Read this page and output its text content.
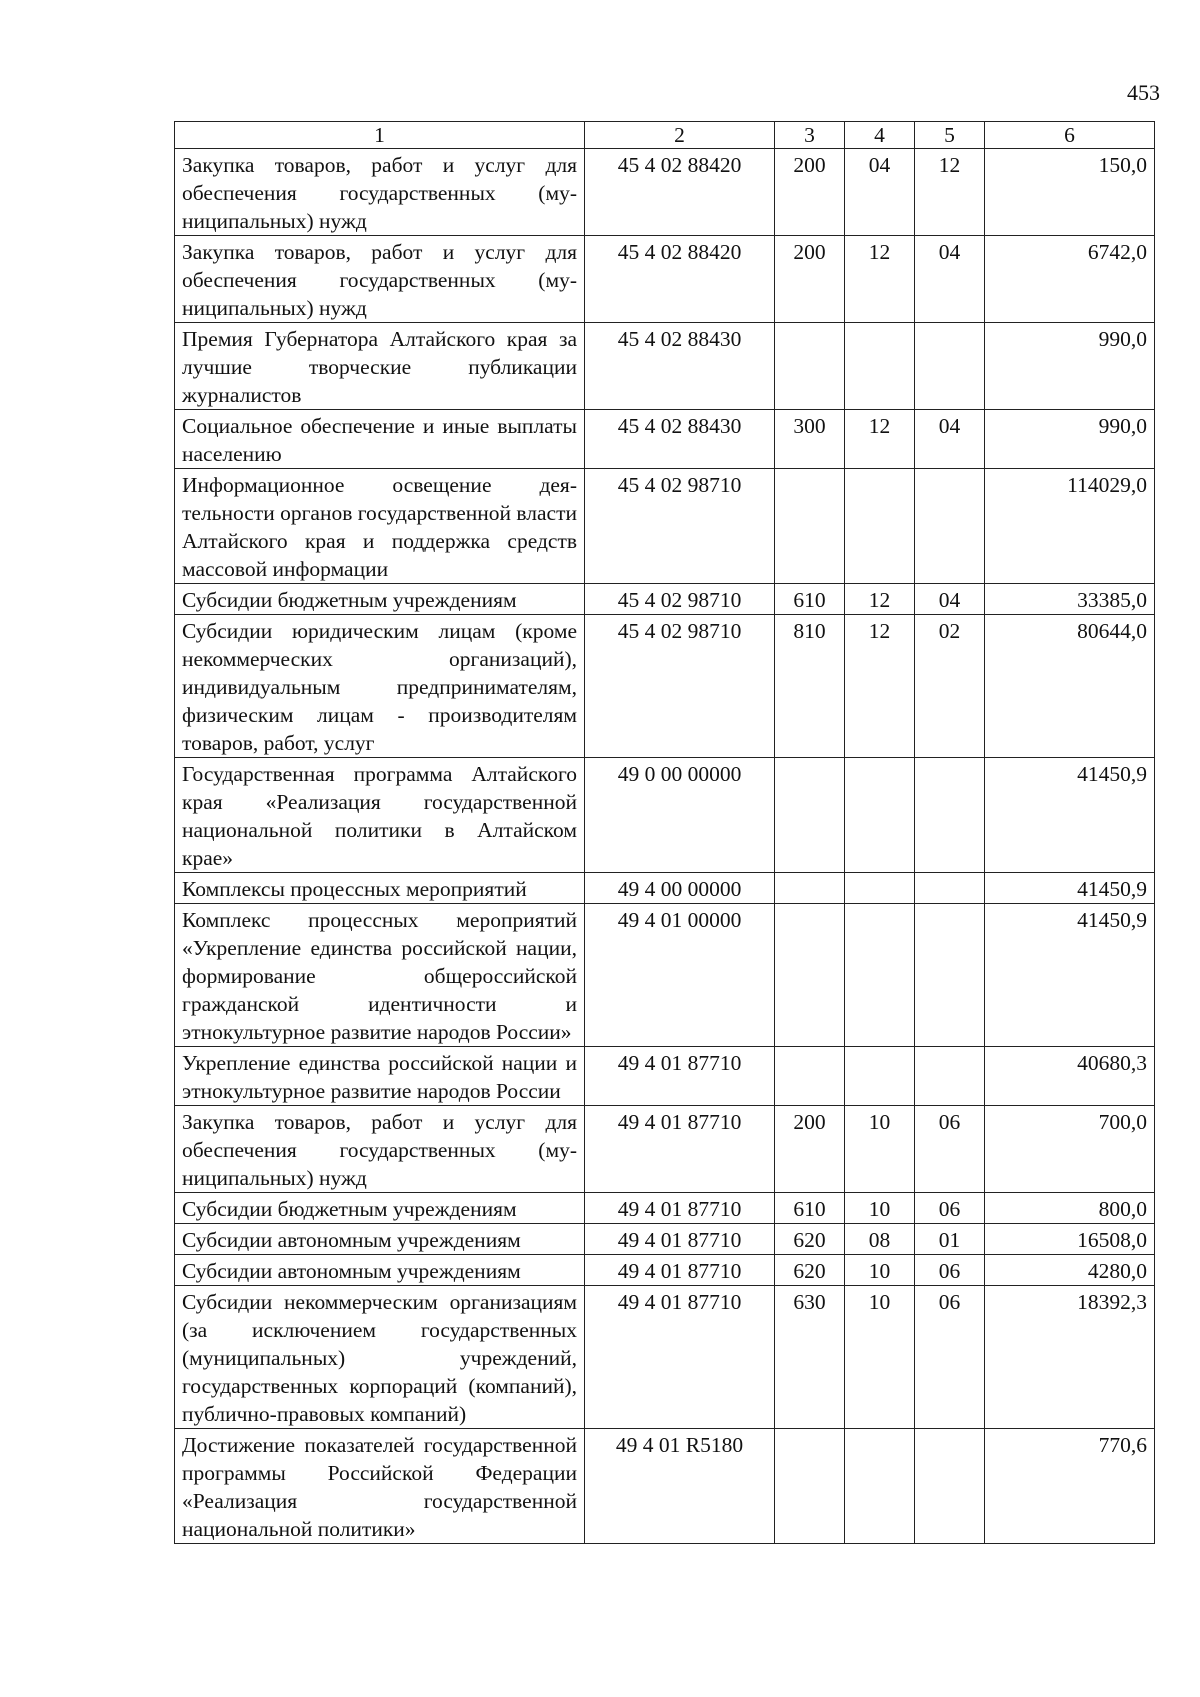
453
1	2	3	4	5	6
Закупка товаров, работ и услуг для обеспечения государственных (муниципальных) нужд	45 4 02 88420	200	04	12	150,0
Закупка товаров, работ и услуг для обеспечения государственных (муниципальных) нужд	45 4 02 88420	200	12	04	6742,0
Премия Губернатора Алтайского края за лучшие творческие публикации журналистов	45 4 02 88430				990,0
Социальное обеспечение и иные выплаты населению	45 4 02 88430	300	12	04	990,0
Информационное освещение деятельности органов государственной власти Алтайского края и поддержка средств массовой информации	45 4 02 98710				114029,0
Субсидии бюджетным учреждениям	45 4 02 98710	610	12	04	33385,0
Субсидии юридическим лицам (кроме некоммерческих организаций), индивидуальным предпринимателям, физическим лицам - производителям товаров, работ, услуг	45 4 02 98710	810	12	02	80644,0
Государственная программа Алтайского края «Реализация государственной национальной политики в Алтайском крае»	49 0 00 00000				41450,9
Комплексы процессных мероприятий	49 4 00 00000				41450,9
Комплекс процессных мероприятий «Укрепление единства российской нации, формирование общероссийской гражданской идентичности и этнокультурное развитие народов России»	49 4 01 00000				41450,9
Укрепление единства российской нации и этнокультурное развитие народов России	49 4 01 87710				40680,3
Закупка товаров, работ и услуг для обеспечения государственных (муниципальных) нужд	49 4 01 87710	200	10	06	700,0
Субсидии бюджетным учреждениям	49 4 01 87710	610	10	06	800,0
Субсидии автономным учреждениям	49 4 01 87710	620	08	01	16508,0
Субсидии автономным учреждениям	49 4 01 87710	620	10	06	4280,0
Субсидии некоммерческим организациям (за исключением государственных (муниципальных) учреждений, государственных корпораций (компаний), публично-правовых компаний)	49 4 01 87710	630	10	06	18392,3
Достижение показателей государственной программы Российской Федерации «Реализация государственной национальной политики»	49 4 01 R5180				770,6
